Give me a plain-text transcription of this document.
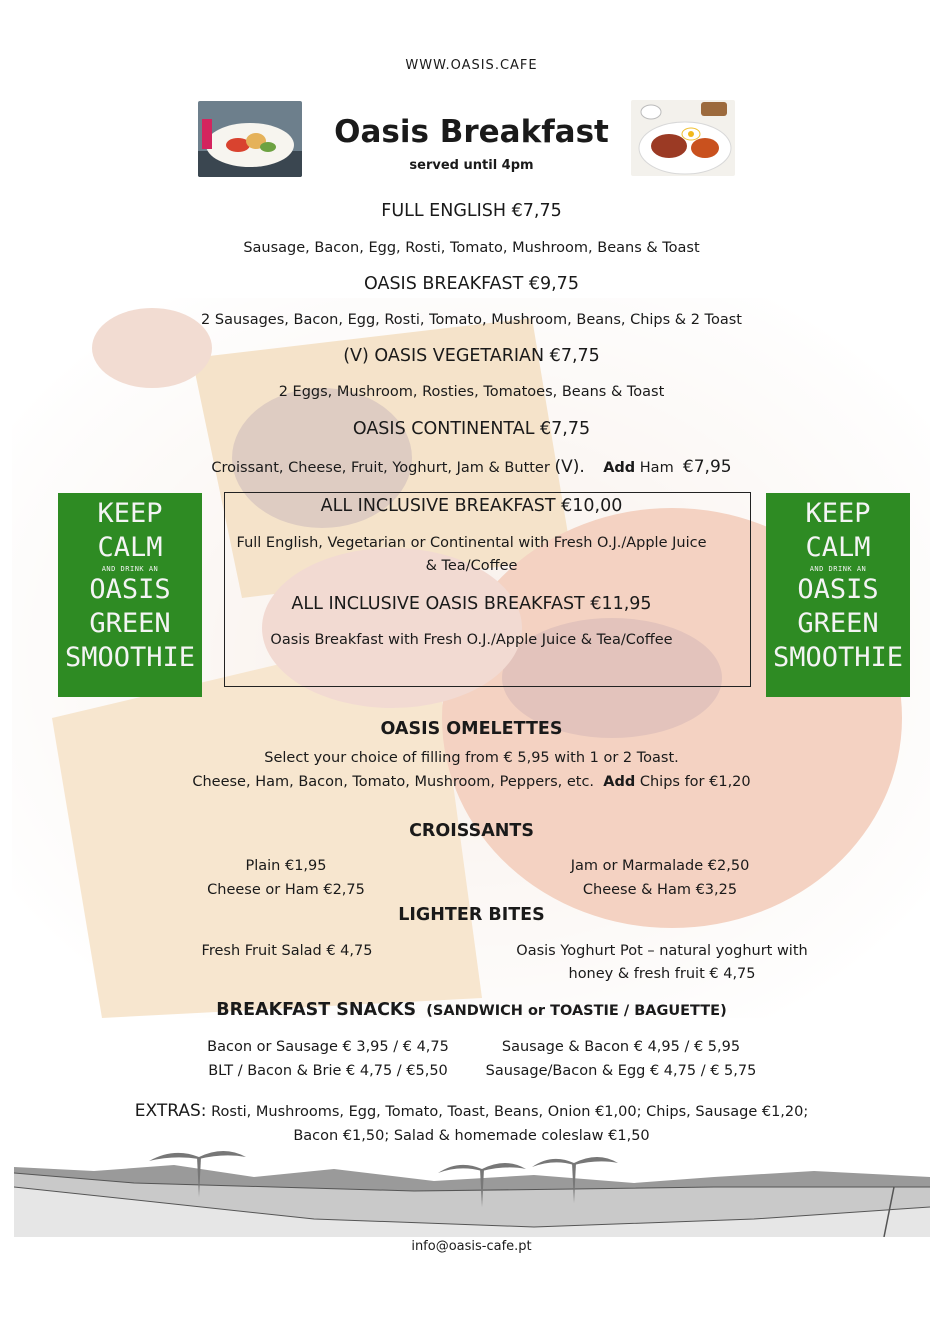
WWW.OASIS.CAFE
Oasis Breakfast
served until 4pm
FULL ENGLISH €7,75
Sausage, Bacon, Egg, Rosti, Tomato, Mushroom, Beans & Toast
OASIS BREAKFAST €9,75
2 Sausages, Bacon, Egg, Rosti, Tomato, Mushroom, Beans, Chips & 2 Toast
(V) OASIS VEGETARIAN €7,75
2 Eggs, Mushroom, Rosties, Tomatoes, Beans & Toast
OASIS CONTINENTAL €7,75
Croissant, Cheese, Fruit, Yoghurt, Jam & Butter (V). Add Ham €7,95
KEEP
CALM
AND DRINK AN
OASIS
GREEN
SMOOTHIE
KEEP
CALM
AND DRINK AN
OASIS
GREEN
SMOOTHIE
ALL INCLUSIVE BREAKFAST €10,00
Full English, Vegetarian or Continental with Fresh O.J./Apple Juice
& Tea/Coffee
ALL INCLUSIVE OASIS BREAKFAST €11,95
Oasis Breakfast with Fresh O.J./Apple Juice & Tea/Coffee
OASIS OMELETTES
Select your choice of filling from € 5,95 with 1 or 2 Toast.
Cheese, Ham, Bacon, Tomato, Mushroom, Peppers, etc. Add Chips for €1,20
CROISSANTS
Plain €1,95
Cheese or Ham €2,75
Jam or Marmalade €2,50
Cheese & Ham €3,25
LIGHTER BITES
Fresh Fruit Salad € 4,75	Oasis Yoghurt Pot – natural yoghurt with
honey & fresh fruit € 4,75
BREAKFAST SNACKS (SANDWICH or TOASTIE / BAGUETTE)
Bacon or Sausage € 3,95 / € 4,75
BLT / Bacon & Brie € 4,75 / €5,50
Sausage & Bacon € 4,95 / € 5,95
Sausage/Bacon & Egg € 4,75 / € 5,75
EXTRAS: Rosti, Mushrooms, Egg, Tomato, Toast, Beans, Onion €1,00; Chips, Sausage €1,20;
Bacon €1,50; Salad & homemade coleslaw €1,50
info@oasis-cafe.pt
